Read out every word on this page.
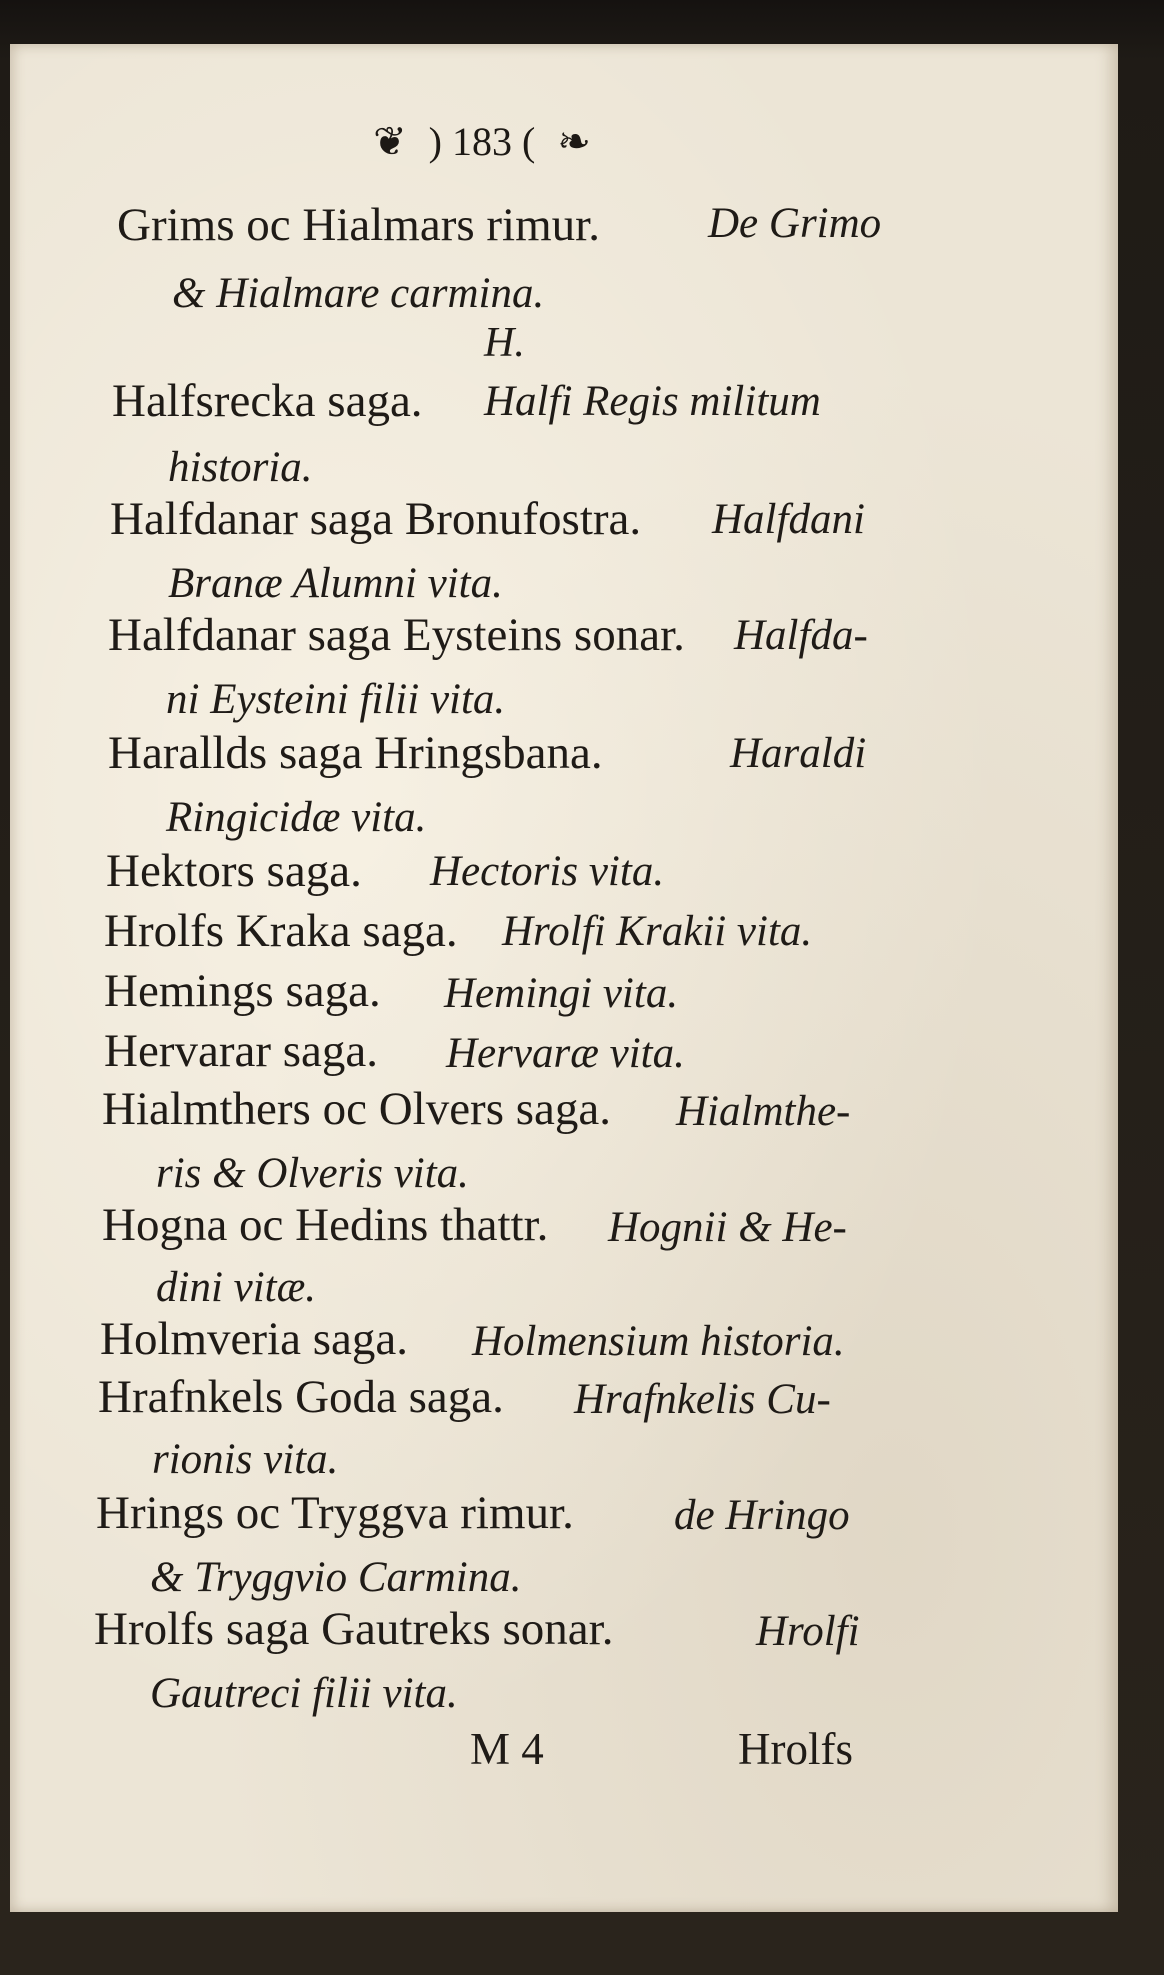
❦ ) 183 ( ❧
Grims oc Hialmars rimur.	De Grimo
& Hialmare carmina.
H.
Halfsrecka saga. Halfi Regis militum
historia.
Halfdanar saga Bronufostra. Halfdani
Branæ Alumni vita.
Halfdanar saga Eysteins sonar. Halfda-
ni Eysteini filii vita.
Harallds saga Hringsbana.	Haraldi
Ringicidæ vita.
Hektors saga. Hectoris vita.
Hrolfs Kraka saga. Hrolfi Krakii vita.
Hemings saga. Hemingi vita.
Hervarar saga. Hervaræ vita.
Hialmthers oc Olvers saga. Hialmthe-
ris & Olveris vita.
Hogna oc Hedins thattr. Hognii & He-
dini vitæ.
Holmveria saga. Holmensium historia.
Hrafnkels Goda saga. Hrafnkelis Cu-
rionis vita.
Hrings oc Tryggva rimur. de Hringo
& Tryggvio Carmina.
Hrolfs saga Gautreks sonar.	Hrolfi
Gautreci filii vita.
M 4	Hrolfs
